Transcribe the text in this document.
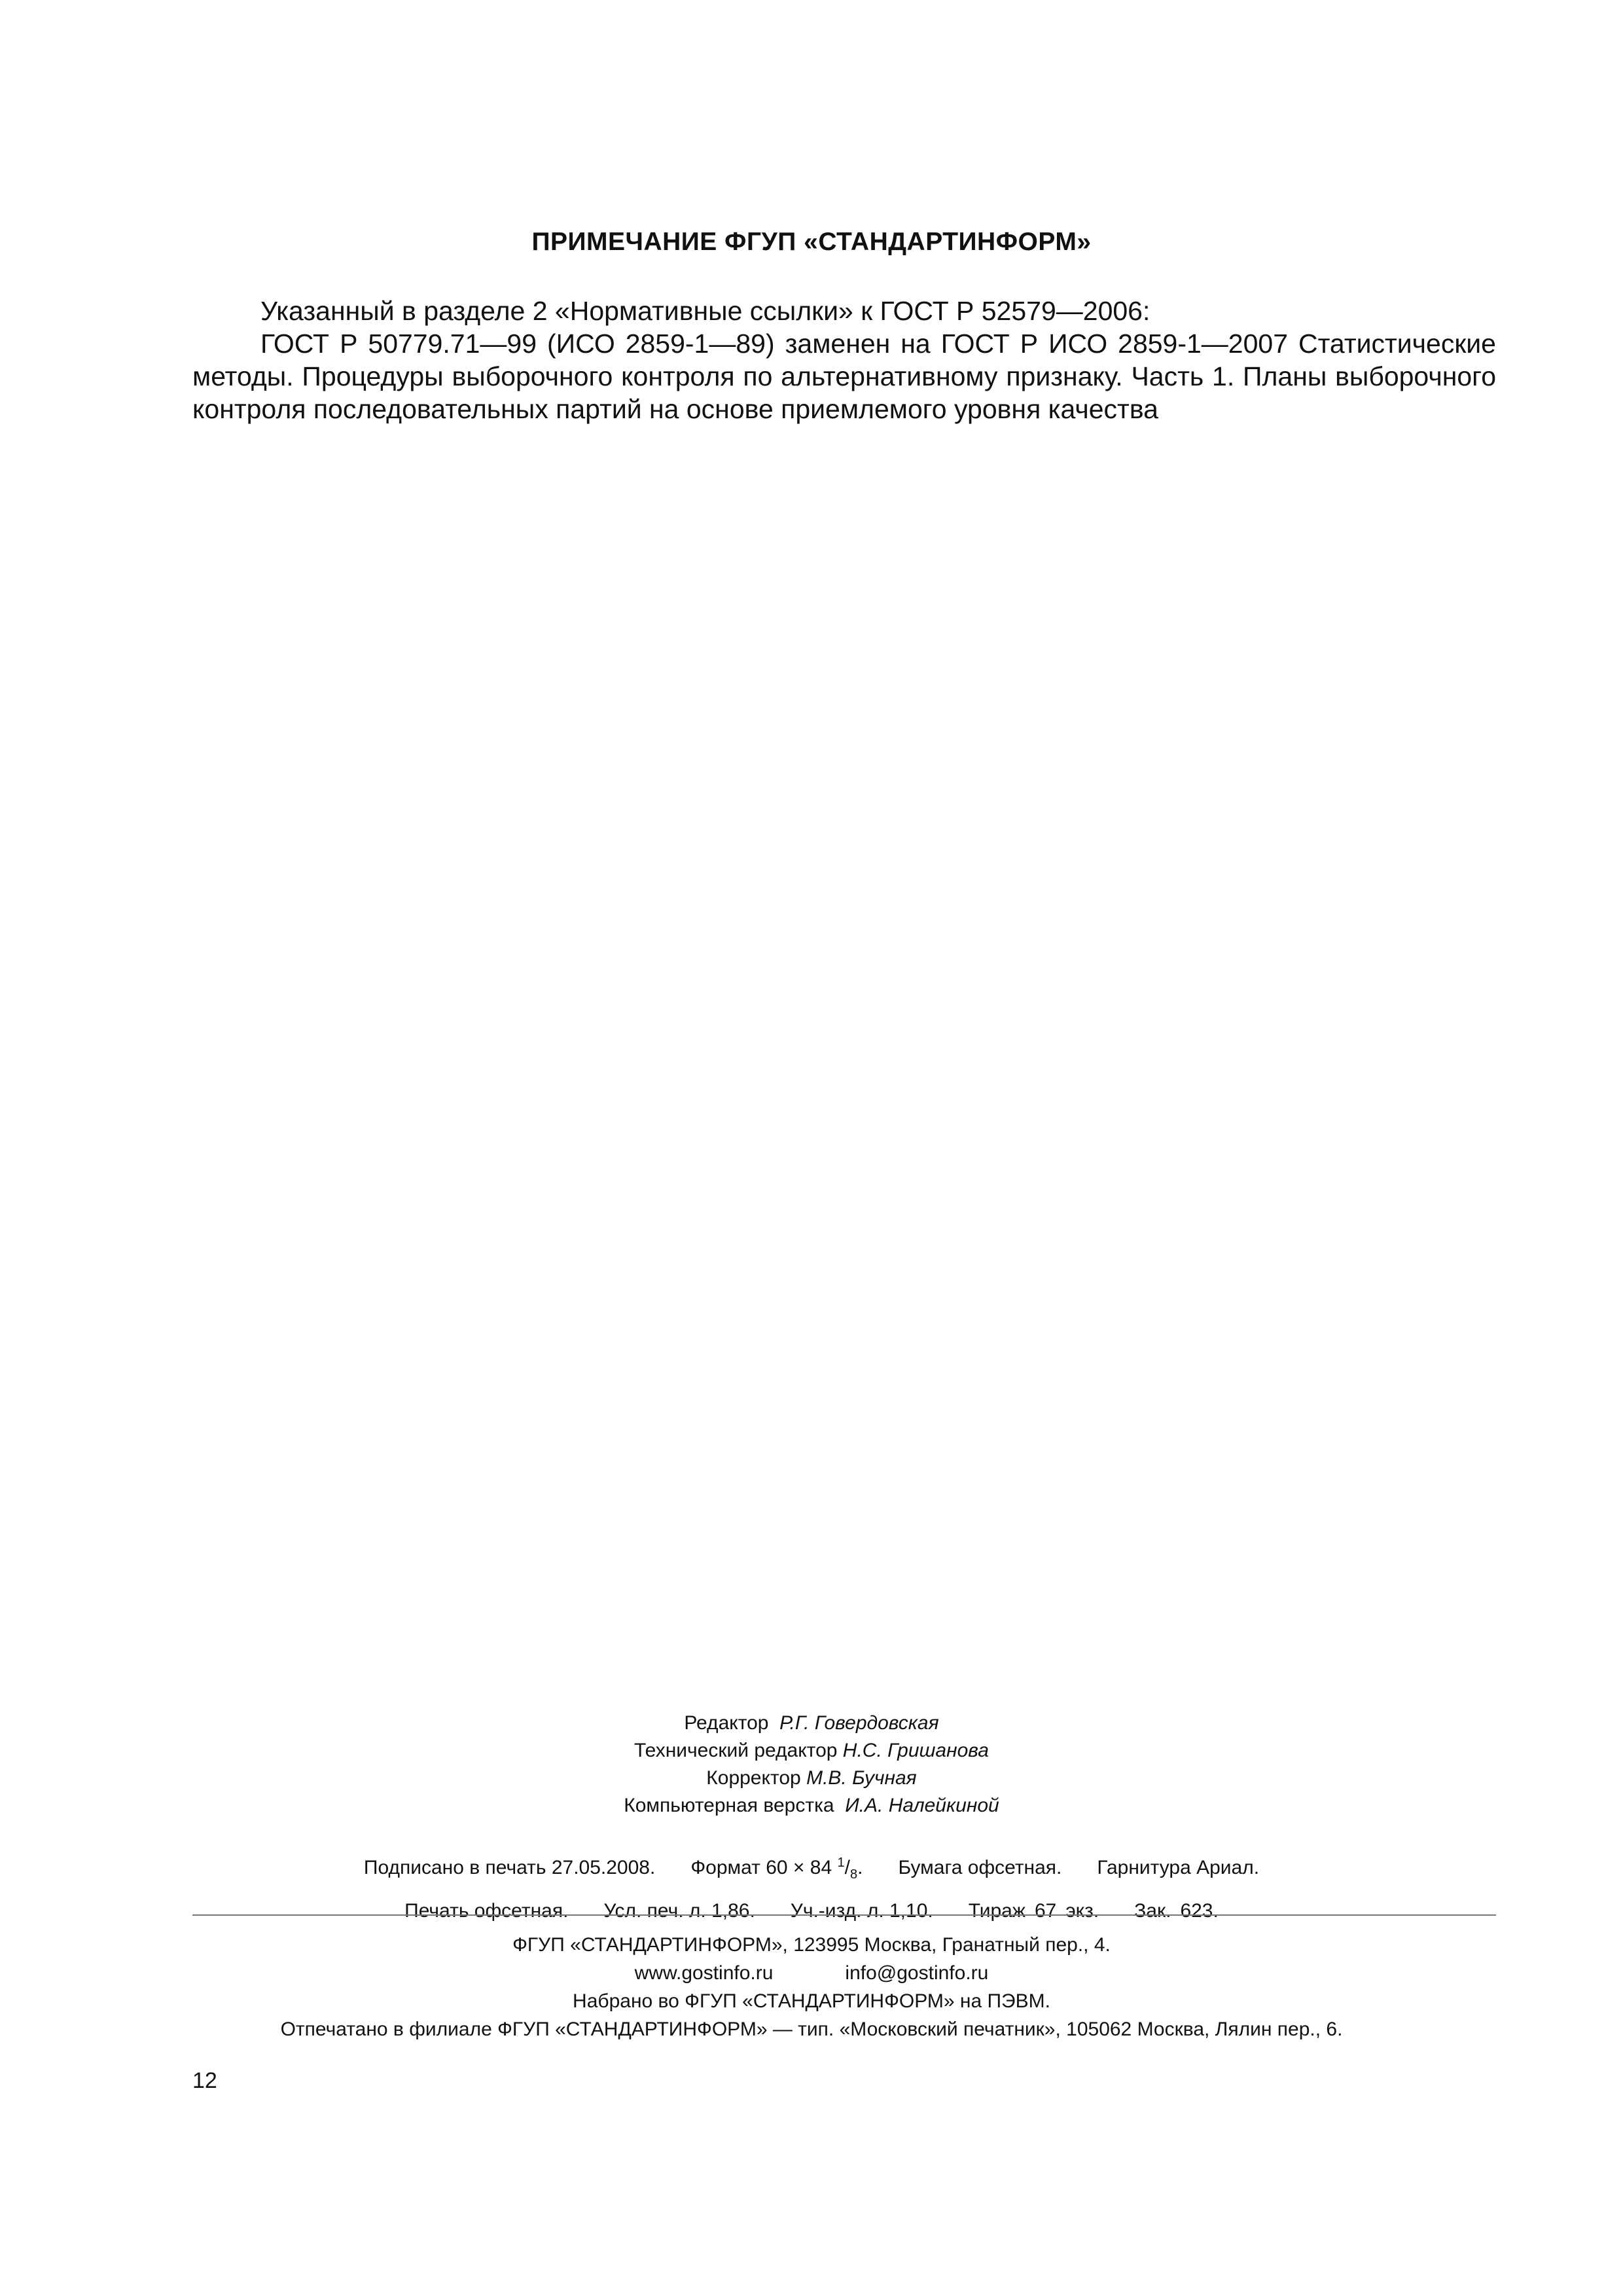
ПРИМЕЧАНИЕ ФГУП «СТАНДАРТИНФОРМ»

Указанный в разделе 2 «Нормативные ссылки» к ГОСТ Р 52579—2006:

ГОСТ Р 50779.71—99 (ИСО 2859-1—89) заменен на ГОСТ Р ИСО 2859-1—2007 Статистические методы. Процедуры выборочного контроля по альтернативному признаку. Часть 1. Планы выборочного контроля последовательных партий на основе приемлемого уровня качества

Редактор Р.Г. Говердовская
Технический редактор Н.С. Гришанова
Корректор М.В. Бучная
Компьютерная верстка И.А. Налейкиной
Подписано в печать 27.05.2008. Формат 60 × 84 $^1/_8$. Бумага офсетная. Гарнитура Ариал.
Печать офсетная. Усл. печ. л. 1,86. Уч.-изд. л. 1,10. Тираж 67 экз. Зак. 623.
ФГУП «СТАНДАРТИНФОРМ», 123995 Москва, Гранатный пер., 4.
www.gostinfo.ru	info@gostinfo.ru
Набрано во ФГУП «СТАНДАРТИНФОРМ» на ПЭВМ.
Отпечатано в филиале ФГУП «СТАНДАРТИНФОРМ» — тип. «Московский печатник», 105062 Москва, Лялин пер., 6.
12
